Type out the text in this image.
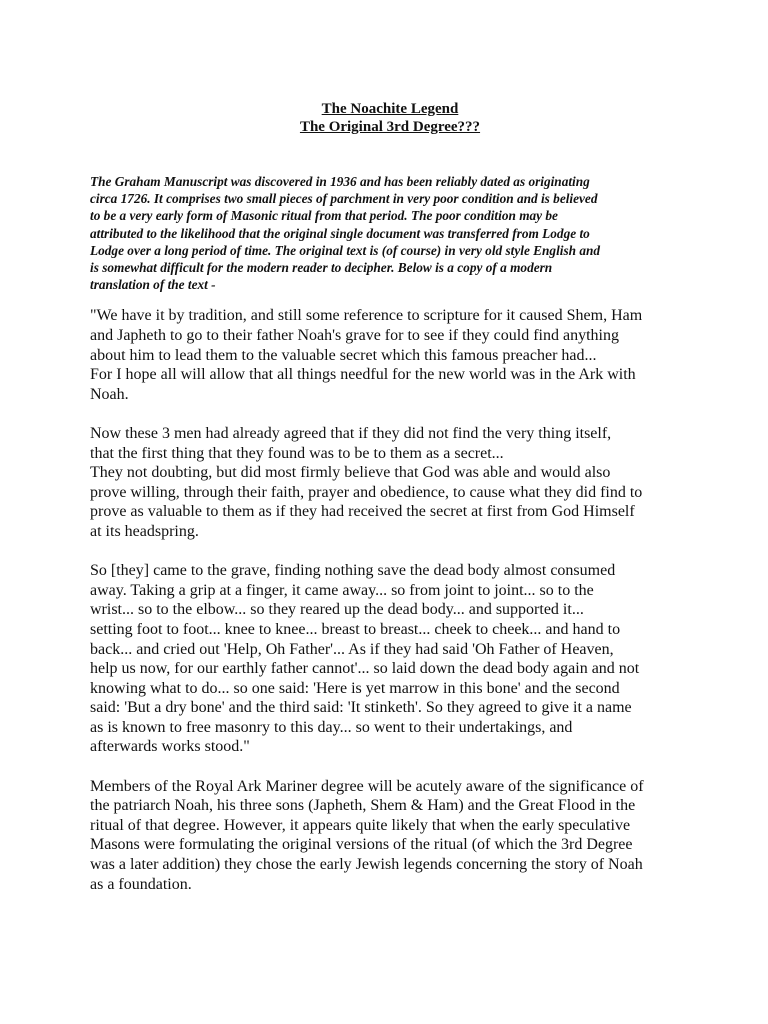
The Noachite Legend
The Original 3rd Degree???
The Graham Manuscript was discovered in 1936 and has been reliably dated as originating
circa 1726. It comprises two small pieces of parchment in very poor condition and is believed
to be a very early form of Masonic ritual from that period. The poor condition may be
attributed to the likelihood that the original single document was transferred from Lodge to
Lodge over a long period of time. The original text is (of course) in very old style English and
is somewhat difficult for the modern reader to decipher. Below is a copy of a modern
translation of the text -
"We have it by tradition, and still some reference to scripture for it caused Shem, Ham
and Japheth to go to their father Noah's grave for to see if they could find anything
about him to lead them to the valuable secret which this famous preacher had...
For I hope all will allow that all things needful for the new world was in the Ark with
Noah.
Now these 3 men had already agreed that if they did not find the very thing itself,
that the first thing that they found was to be to them as a secret...
They not doubting, but did most firmly believe that God was able and would also
prove willing, through their faith, prayer and obedience, to cause what they did find to
prove as valuable to them as if they had received the secret at first from God Himself
at its headspring.
So [they] came to the grave, finding nothing save the dead body almost consumed
away. Taking a grip at a finger, it came away... so from joint to joint... so to the
wrist... so to the elbow... so they reared up the dead body... and supported it...
setting foot to foot... knee to knee... breast to breast... cheek to cheek... and hand to
back... and cried out 'Help, Oh Father'... As if they had said 'Oh Father of Heaven,
help us now, for our earthly father cannot'... so laid down the dead body again and not
knowing what to do... so one said: 'Here is yet marrow in this bone' and the second
said: 'But a dry bone' and the third said: 'It stinketh'. So they agreed to give it a name
as is known to free masonry to this day... so went to their undertakings, and
afterwards works stood."
Members of the Royal Ark Mariner degree will be acutely aware of the significance of
the patriarch Noah, his three sons (Japheth, Shem & Ham) and the Great Flood in the
ritual of that degree. However, it appears quite likely that when the early speculative
Masons were formulating the original versions of the ritual (of which the 3rd Degree
was a later addition) they chose the early Jewish legends concerning the story of Noah
as a foundation.
